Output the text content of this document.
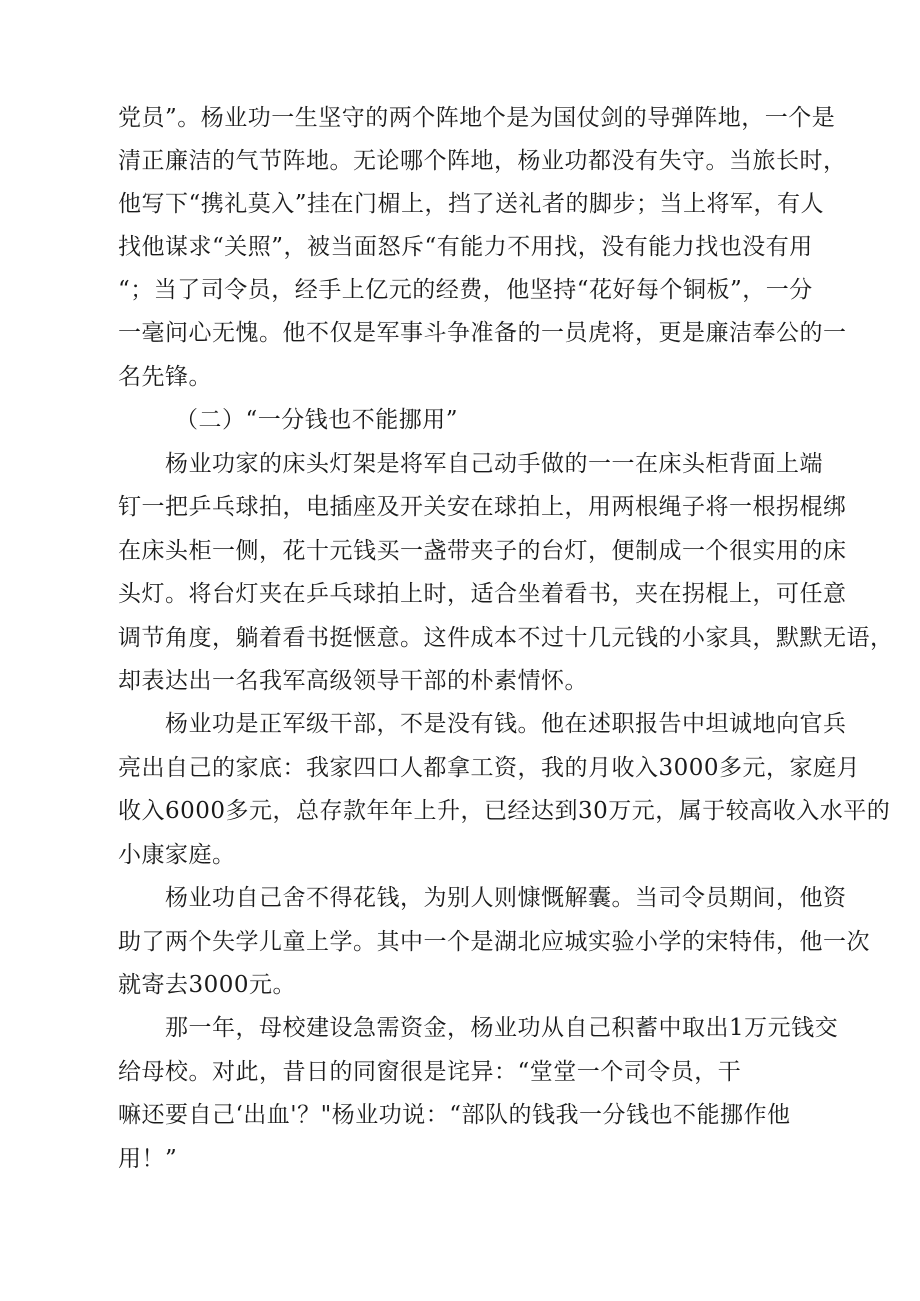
党员”。杨业功一生坚守的两个阵地个是为国仗剑的导弹阵地，一个是
清正廉洁的气节阵地。无论哪个阵地，杨业功都没有失守。当旅长时，
他写下“携礼莫入”挂在门楣上，挡了送礼者的脚步；当上将军，有人
找他谋求“关照”，被当面怒斥“有能力不用找，没有能力找也没有用
“；当了司令员，经手上亿元的经费，他坚持“花好每个铜板”，一分
一毫问心无愧。他不仅是军事斗争准备的一员虎将，更是廉洁奉公的一
名先锋。
（二）“一分钱也不能挪用”
杨业功家的床头灯架是将军自己动手做的一一在床头柜背面上端
钉一把乒乓球拍，电插座及开关安在球拍上，用两根绳子将一根拐棍绑
在床头柜一侧，花十元钱买一盏带夹子的台灯，便制成一个很实用的床
头灯。将台灯夹在乒乓球拍上时，适合坐着看书，夹在拐棍上，可任意
调节角度，躺着看书挺惬意。这件成本不过十几元钱的小家具，默默无语，
却表达出一名我军高级领导干部的朴素情怀。
杨业功是正军级干部，不是没有钱。他在述职报告中坦诚地向官兵
亮出自己的家底：我家四口人都拿工资，我的月收入3000多元，家庭月
收入6000多元，总存款年年上升，已经达到30万元，属于较高收入水平的
小康家庭。
杨业功自己舍不得花钱，为别人则慷慨解囊。当司令员期间，他资
助了两个失学儿童上学。其中一个是湖北应城实验小学的宋特伟，他一次
就寄去3000元。
那一年，母校建设急需资金，杨业功从自己积蓄中取出1万元钱交
给母校。对此，昔日的同窗很是诧异：“堂堂一个司令员，干
嘛还要自己‘出血'？"杨业功说：“部队的钱我一分钱也不能挪作他
用！”
